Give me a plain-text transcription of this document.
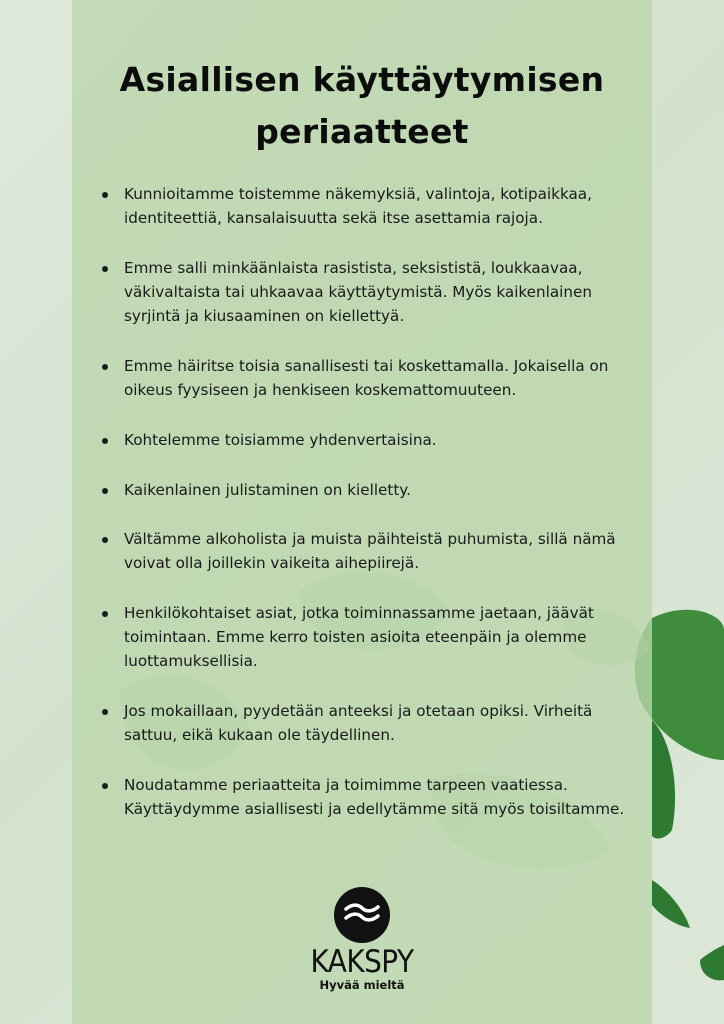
Asiallisen käyttäytymisen
periaatteet
Kunnioitamme toistemme näkemyksiä, valintoja, kotipaikkaa, identiteettiä, kansalaisuutta sekä itse asettamia rajoja.
Emme salli minkäänlaista rasistista, seksististä, loukkaavaa, väkivaltaista tai uhkaavaa käyttäytymistä. Myös kaikenlainen syrjintä ja kiusaaminen on kiellettyä.
Emme häiritse toisia sanallisesti tai koskettamalla. Jokaisella on oikeus fyysiseen ja henkiseen koskemattomuuteen.
Kohtelemme toisiamme yhdenvertaisina.
Kaikenlainen julistaminen on kielletty.
Vältämme alkoholista ja muista päihteistä puhumista, sillä nämä voivat olla joillekin vaikeita aihepiirejä.
Henkilökohtaiset asiat, jotka toiminnassamme jaetaan, jäävät toimintaan. Emme kerro toisten asioita eteenpäin ja olemme luottamuksellisia.
Jos mokaillaan, pyydetään anteeksi ja otetaan opiksi. Virheitä sattuu, eikä kukaan ole täydellinen.
Noudatamme periaatteita ja toimimme tarpeen vaatiessa. Käyttäydymme asiallisesti ja edellytämme sitä myös toisiltamme.
KAKSPY
Hyvää mieltä
